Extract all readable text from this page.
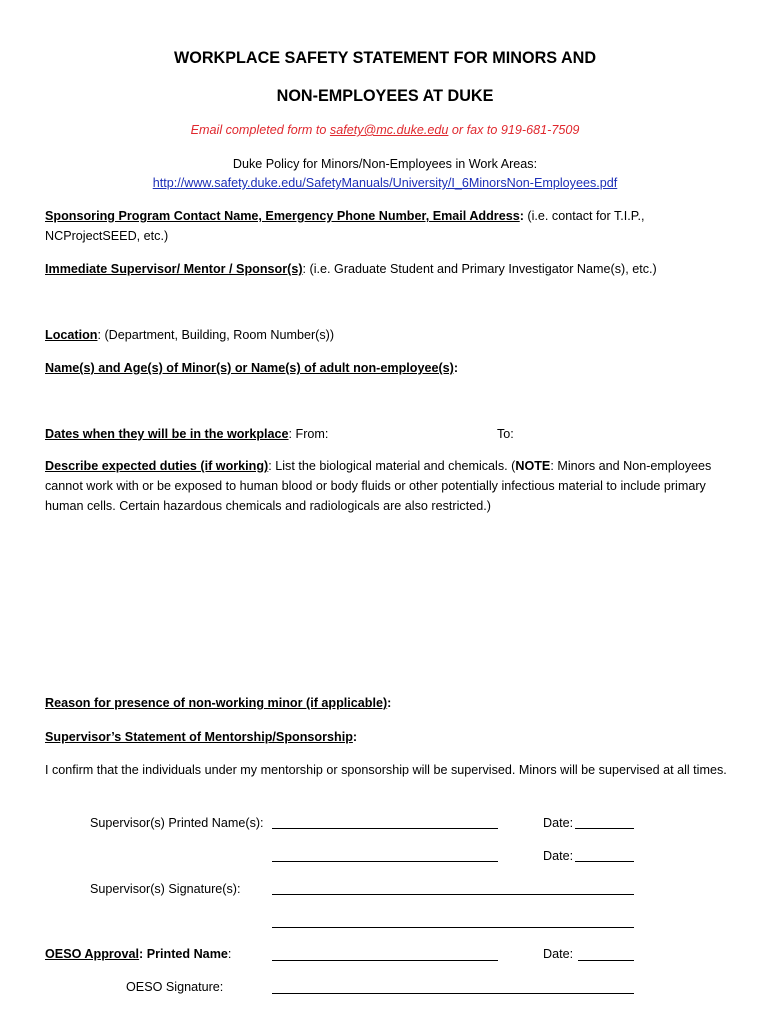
WORKPLACE SAFETY STATEMENT FOR MINORS AND
NON-EMPLOYEES AT DUKE
Email completed form to safety@mc.duke.edu or fax to 919-681-7509
Duke Policy for Minors/Non-Employees in Work Areas:
http://www.safety.duke.edu/SafetyManuals/University/I_6MinorsNon-Employees.pdf
Sponsoring Program Contact Name, Emergency Phone Number, Email Address: (i.e. contact for T.I.P., NCProjectSEED, etc.)
Immediate Supervisor/ Mentor / Sponsor(s): (i.e. Graduate Student and Primary Investigator Name(s), etc.)
Location: (Department, Building, Room Number(s))
Name(s) and Age(s) of Minor(s) or Name(s) of adult non-employee(s):
Dates when they will be in the workplace: From:	To:
Describe expected duties (if working): List the biological material and chemicals. (NOTE: Minors and Non-employees cannot work with or be exposed to human blood or body fluids or other potentially infectious material to include primary human cells. Certain hazardous chemicals and radiologicals are also restricted.)
Reason for presence of non-working minor (if applicable):
Supervisor’s Statement of Mentorship/Sponsorship:
I confirm that the individuals under my mentorship or sponsorship will be supervised. Minors will be supervised at all times.
Supervisor(s) Printed Name(s):	Date:
Date:
Supervisor(s) Signature(s):
OESO Approval: Printed Name:	Date:
OESO Signature:
